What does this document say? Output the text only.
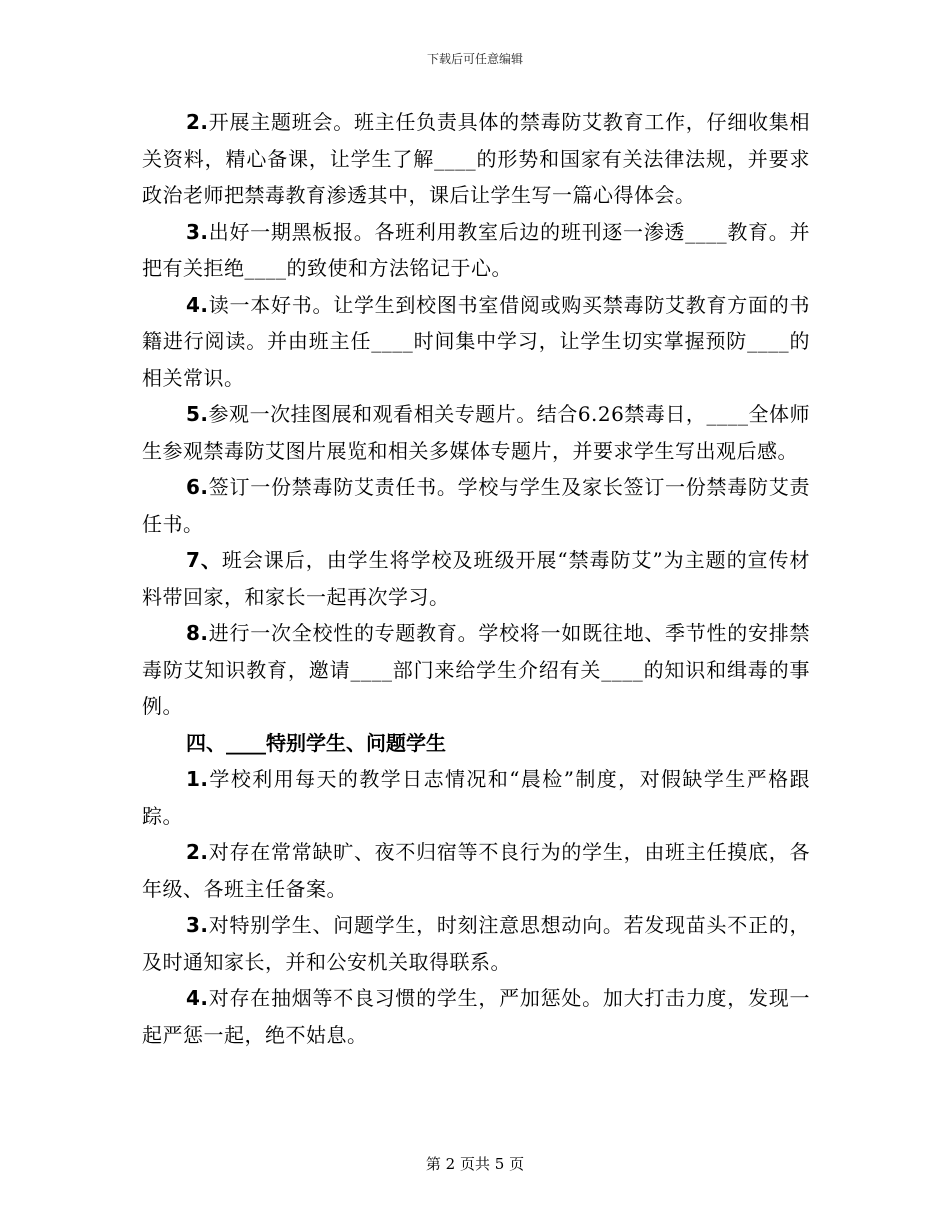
下载后可任意编辑

2.开展主题班会。班主任负责具体的禁毒防艾教育工作，仔细收集相关资料，精心备课，让学生了解____的形势和国家有关法律法规，并要求政治老师把禁毒教育渗透其中，课后让学生写一篇心得体会。

3.出好一期黑板报。各班利用教室后边的班刊逐一渗透____教育。并把有关拒绝____的致使和方法铭记于心。

4.读一本好书。让学生到校图书室借阅或购买禁毒防艾教育方面的书籍进行阅读。并由班主任____时间集中学习，让学生切实掌握预防____的相关常识。

5.参观一次挂图展和观看相关专题片。结合6.26禁毒日，____全体师生参观禁毒防艾图片展览和相关多媒体专题片，并要求学生写出观后感。

6.签订一份禁毒防艾责任书。学校与学生及家长签订一份禁毒防艾责任书。

7、班会课后，由学生将学校及班级开展“禁毒防艾”为主题的宣传材料带回家，和家长一起再次学习。

8.进行一次全校性的专题教育。学校将一如既往地、季节性的安排禁毒防艾知识教育，邀请____部门来给学生介绍有关____的知识和缉毒的事例。

四、____特别学生、问题学生

1.学校利用每天的教学日志情况和“晨检”制度，对假缺学生严格跟踪。

2.对存在常常缺旷、夜不归宿等不良行为的学生，由班主任摸底，各年级、各班主任备案。

3.对特别学生、问题学生，时刻注意思想动向。若发现苗头不正的，及时通知家长，并和公安机关取得联系。

4.对存在抽烟等不良习惯的学生，严加惩处。加大打击力度，发现一起严惩一起，绝不姑息。

第 2 页共 5 页
